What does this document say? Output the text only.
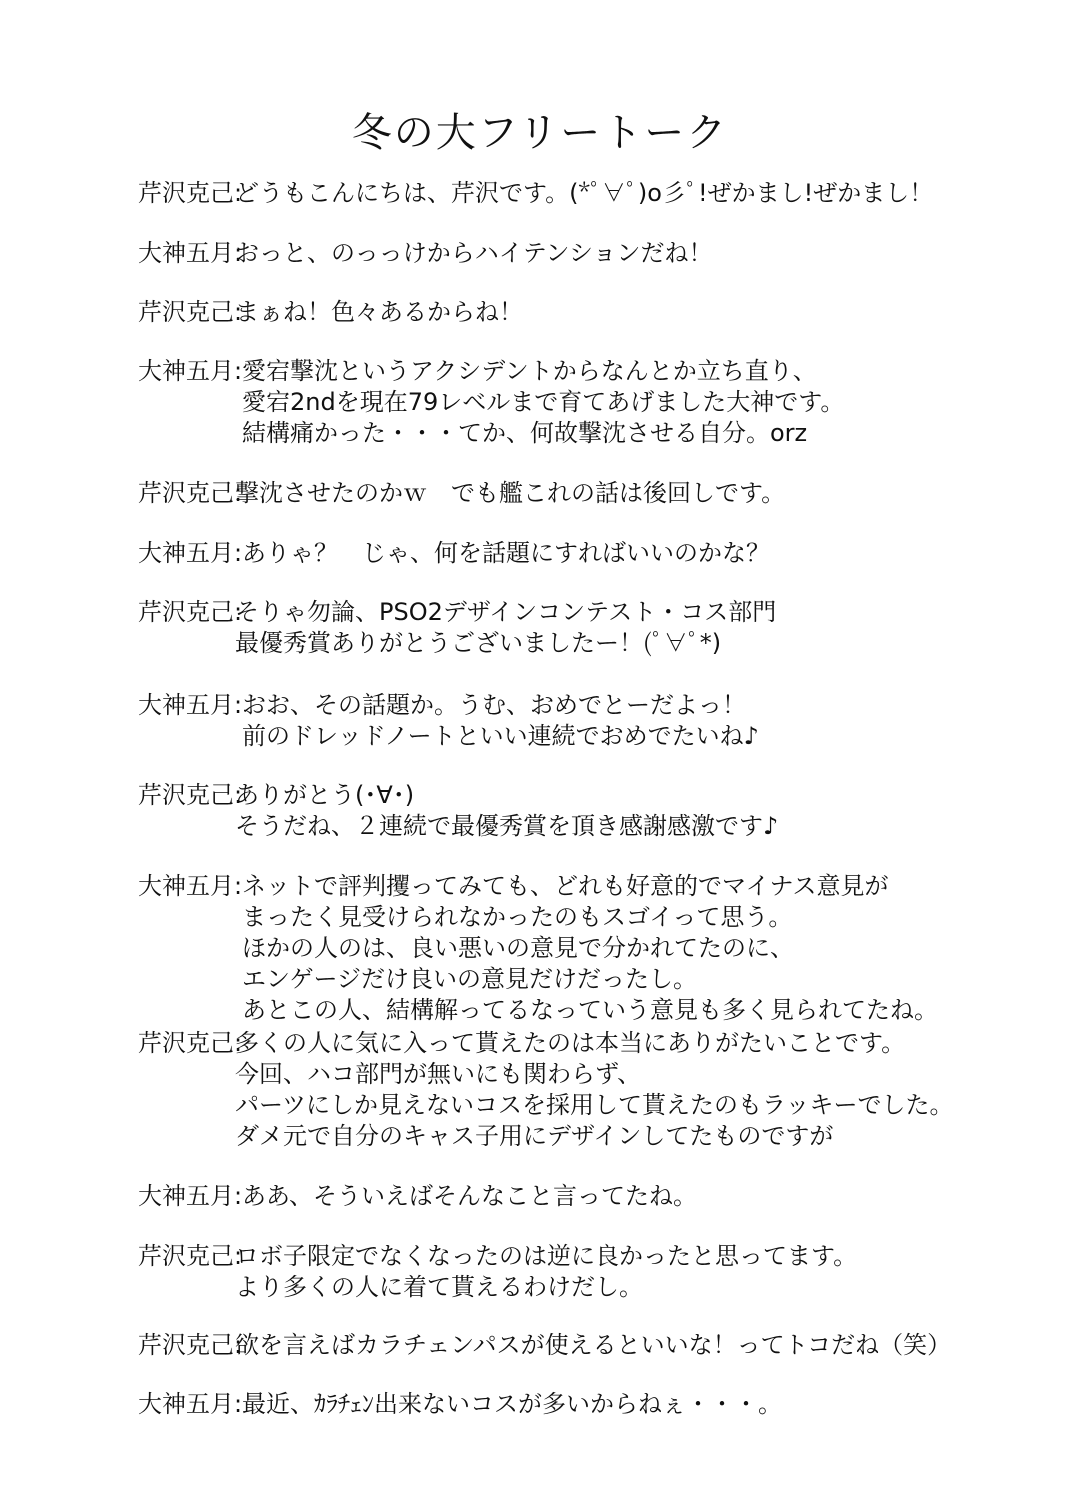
冬の大フリートーク
芹沢克己:
どうもこんにちは、芹沢です。(*ﾟ∀ﾟ)o彡ﾟ!ぜかまし!ぜかまし！
大神五月:
おっと、のっっけからハイテンションだね！
芹沢克己:
まぁね！色々あるからね！
大神五月: 愛宕撃沈というアクシデントからなんとか立ち直り、
愛宕2ndを現在79レベルまで育てあげました大神です。
結構痛かった・・・てか、何故撃沈させる自分。orz
芹沢克己:
撃沈させたのかｗ　でも艦これの話は後回しです。
大神五月: ありゃ？　じゃ、何を話題にすればいいのかな？
芹沢克己:
そりゃ勿論、PSO2デザインコンテスト・コス部門
最優秀賞ありがとうございましたー！(ﾟ∀ﾟ*)
大神五月: おお、その話題か。うむ、おめでとーだよっ！
前のドレッドノートといい連続でおめでたいね♪
芹沢克己:
ありがとう(･∀･)
そうだね、２連続で最優秀賞を頂き感謝感激です♪
大神五月: ネットで評判攫ってみても、どれも好意的でマイナス意見が
まったく見受けられなかったのもスゴイって思う。
ほかの人のは、良い悪いの意見で分かれてたのに、
エンゲージだけ良いの意見だけだったし。
あとこの人、結構解ってるなっていう意見も多く見られてたね。
芹沢克己:
多くの人に気に入って貰えたのは本当にありがたいことです。
今回、ハコ部門が無いにも関わらず、
パーツにしか見えないコスを採用して貰えたのもラッキーでした。
ダメ元で自分のキャス子用にデザインしてたものですが
大神五月: ああ、そういえばそんなこと言ってたね。
芹沢克己:
ロボ子限定でなくなったのは逆に良かったと思ってます。
より多くの人に着て貰えるわけだし。
芹沢克己:
欲を言えばカラチェンパスが使えるといいな！ってトコだね（笑）
大神五月: 最近、ｶﾗﾁｪﾝ出来ないコスが多いからねぇ・・・。
